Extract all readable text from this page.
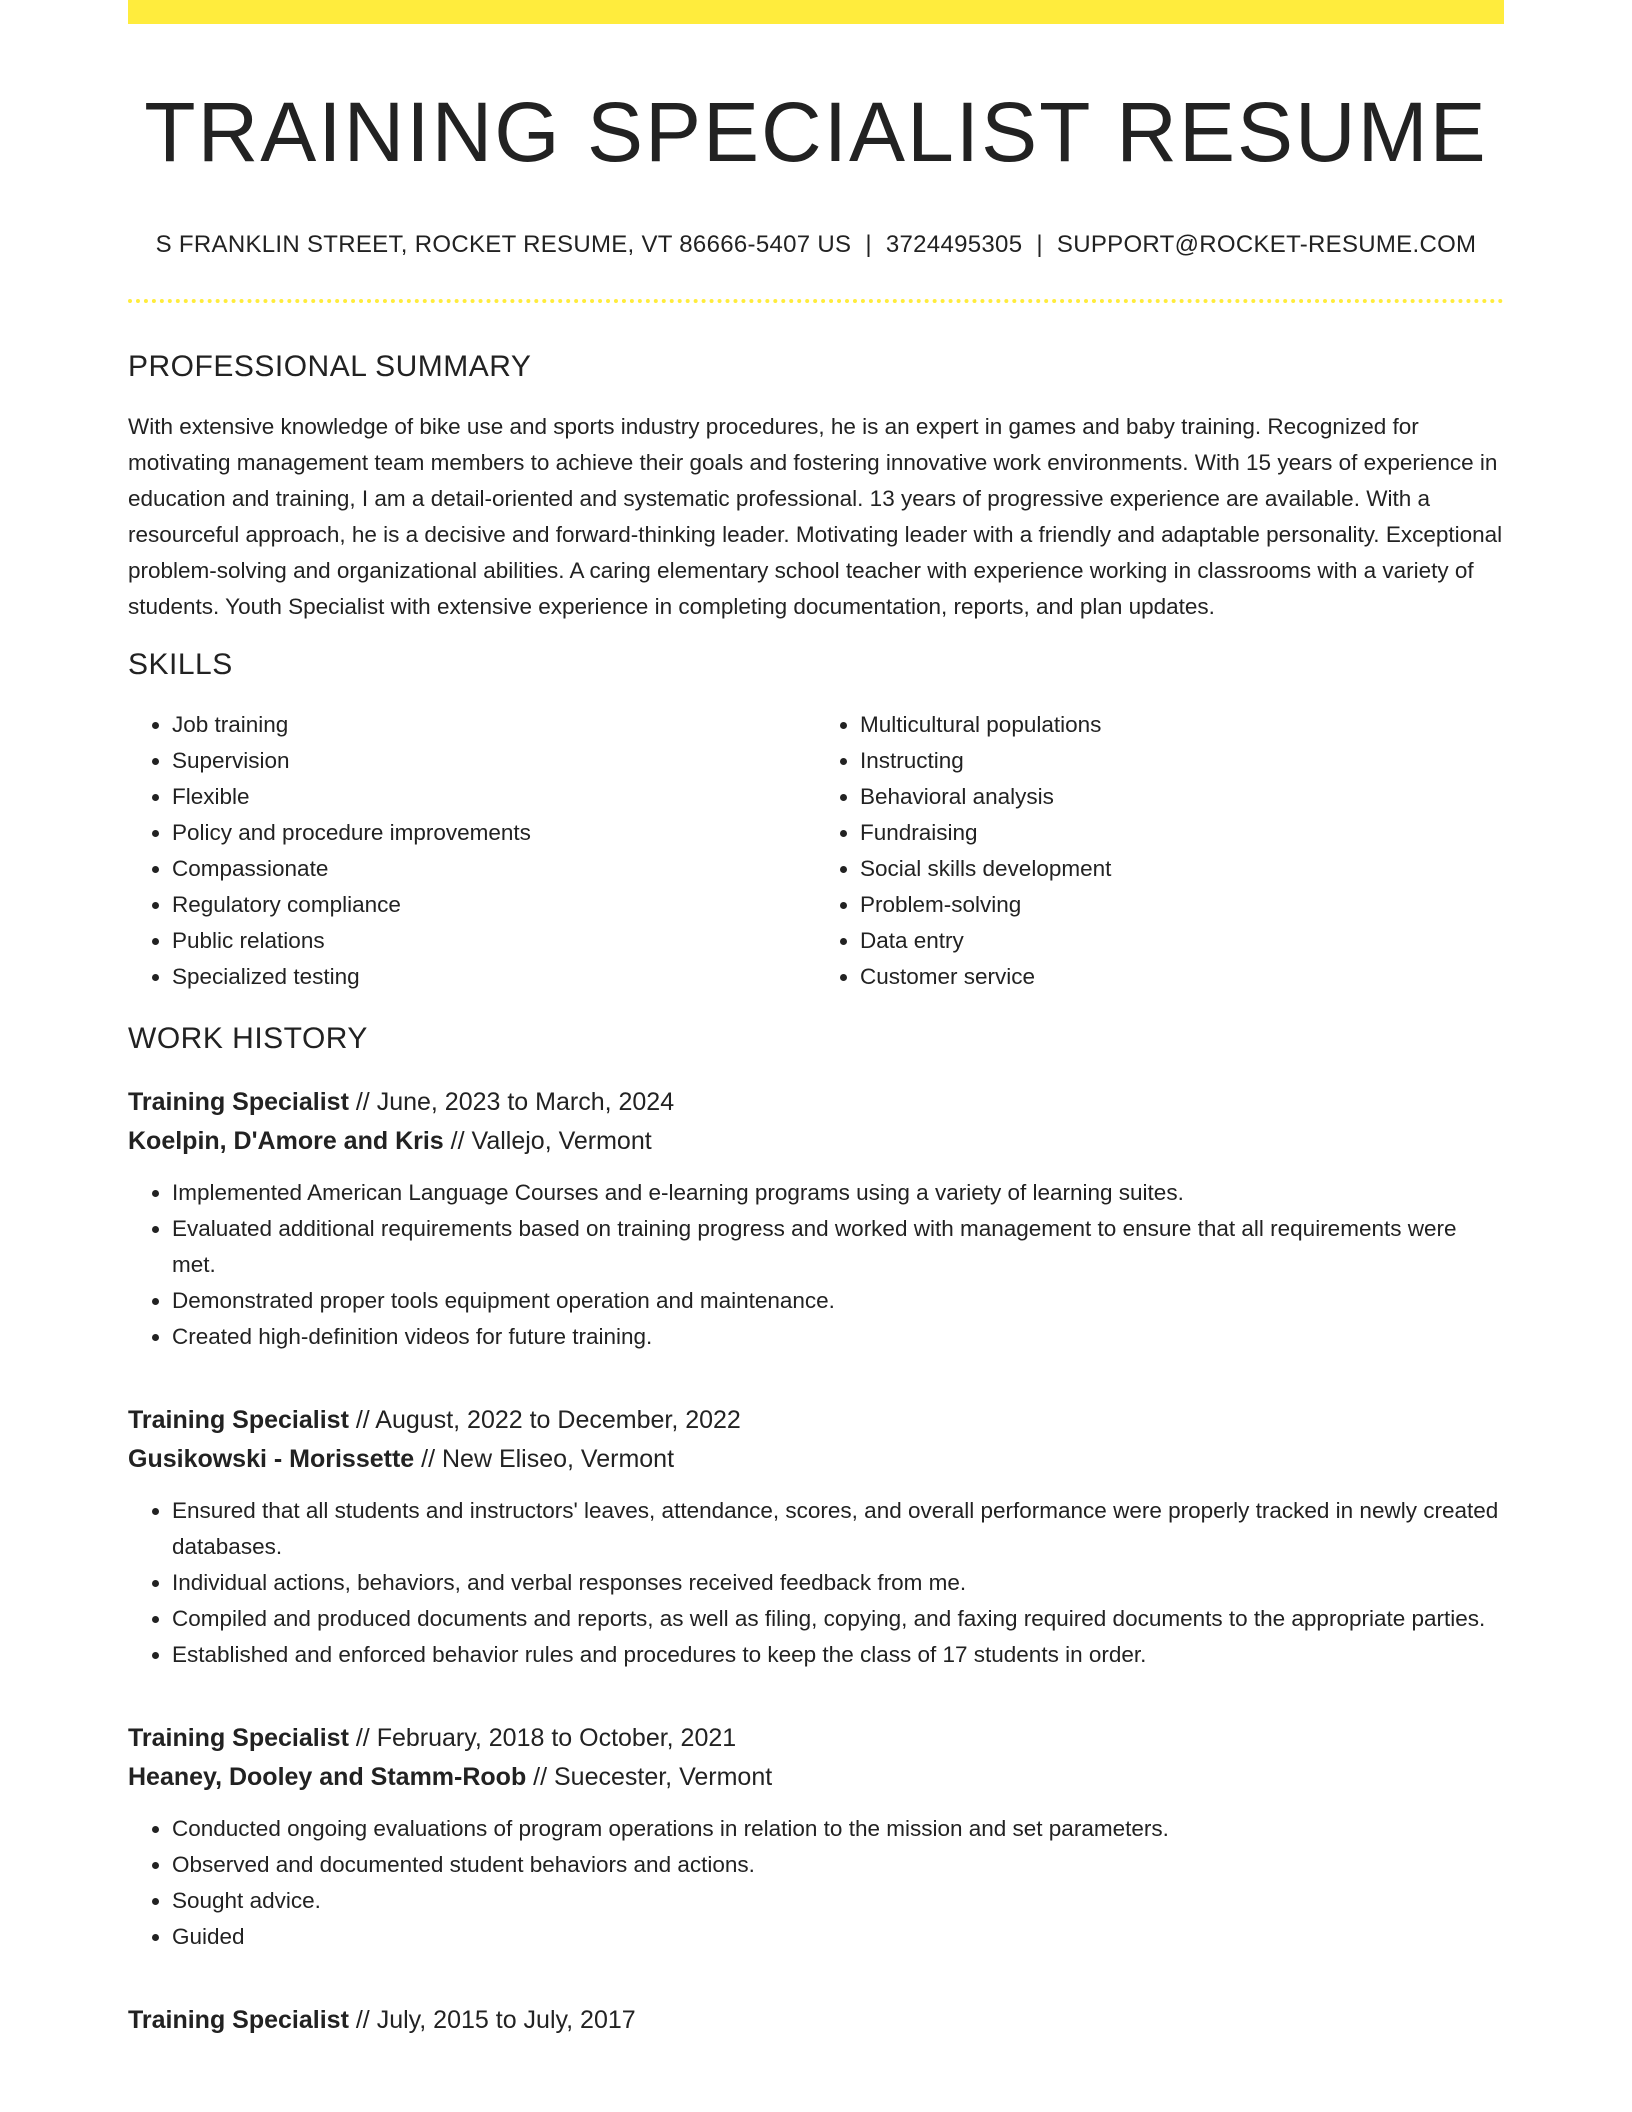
TRAINING SPECIALIST RESUME
S FRANKLIN STREET, ROCKET RESUME, VT 86666-5407 US | 3724495305 | SUPPORT@ROCKET-RESUME.COM
PROFESSIONAL SUMMARY

With extensive knowledge of bike use and sports industry procedures, he is an expert in games and baby training. Recognized for motivating management team members to achieve their goals and fostering innovative work environments. With 15 years of experience in education and training, I am a detail-oriented and systematic professional. 13 years of progressive experience are available. With a resourceful approach, he is a decisive and forward-thinking leader. Motivating leader with a friendly and adaptable personality. Exceptional problem-solving and organizational abilities. A caring elementary school teacher with experience working in classrooms with a variety of students. Youth Specialist with extensive experience in completing documentation, reports, and plan updates.

SKILLS
• Job training
• Supervision
• Flexible
• Policy and procedure improvements
• Compassionate
• Regulatory compliance
• Public relations
• Specialized testing
• Multicultural populations
• Instructing
• Behavioral analysis
• Fundraising
• Social skills development
• Problem-solving
• Data entry
• Customer service
WORK HISTORY
Training Specialist // June, 2023 to March, 2024
Koelpin, D'Amore and Kris // Vallejo, Vermont
• Implemented American Language Courses and e-learning programs using a variety of learning suites.
• Evaluated additional requirements based on training progress and worked with management to ensure that all requirements were met.
• Demonstrated proper tools equipment operation and maintenance.
• Created high-definition videos for future training.
Training Specialist // August, 2022 to December, 2022
Gusikowski - Morissette // New Eliseo, Vermont
• Ensured that all students and instructors' leaves, attendance, scores, and overall performance were properly tracked in newly created databases.
• Individual actions, behaviors, and verbal responses received feedback from me.
• Compiled and produced documents and reports, as well as filing, copying, and faxing required documents to the appropriate parties.
• Established and enforced behavior rules and procedures to keep the class of 17 students in order.
Training Specialist // February, 2018 to October, 2021
Heaney, Dooley and Stamm-Roob // Suecester, Vermont
• Conducted ongoing evaluations of program operations in relation to the mission and set parameters.
• Observed and documented student behaviors and actions.
• Sought advice.
• Guided
Training Specialist // July, 2015 to July, 2017
